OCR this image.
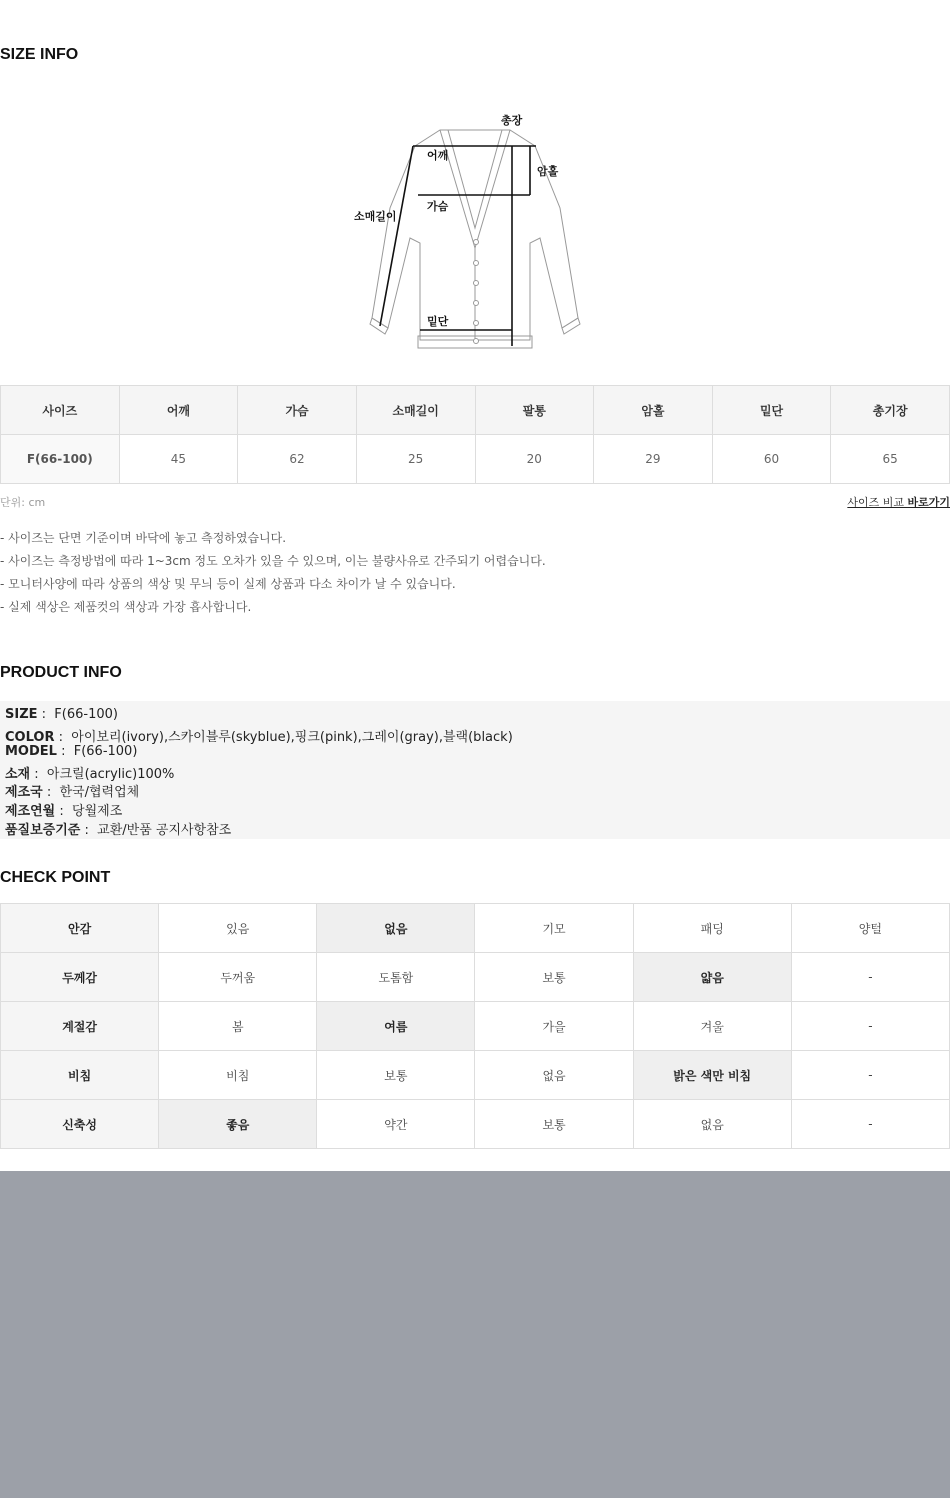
SIZE INFO
총장
어깨
암홀
소매길이
가슴
밑단
사이즈	어깨	가슴	소매길이	팔통	암홀	밑단	총기장
F(66-100)	45	62	25	20	29	60	65
단위: cm	사이즈 비교 바로가기
- 사이즈는 단면 기준이며 바닥에 놓고 측정하였습니다.
- 사이즈는 측정방법에 따라 1~3cm 정도 오차가 있을 수 있으며, 이는 불량사유로 간주되기 어렵습니다.
- 모니터사양에 따라 상품의 색상 및 무늬 등이 실제 상품과 다소 차이가 날 수 있습니다.
- 실제 색상은 제품컷의 색상과 가장 흡사합니다.
PRODUCT INFO
SIZE :  F(66-100)
COLOR :  아이보리(ivory),스카이블루(skyblue),핑크(pink),그레이(gray),블랙(black)
MODEL :  F(66-100)
소재 :  아크릴(acrylic)100%
제조국 :  한국/협력업체
제조연월 :  당월제조
품질보증기준 :  교환/반품 공지사항참조
CHECK POINT
안감	있음	없음	기모	패딩	양털
두께감	두꺼움	도톰함	보통	얇음	-
계절감	봄	여름	가을	겨울	-
비침	비침	보통	없음	밝은 색만 비침	-
신축성	좋음	약간	보통	없음	-
